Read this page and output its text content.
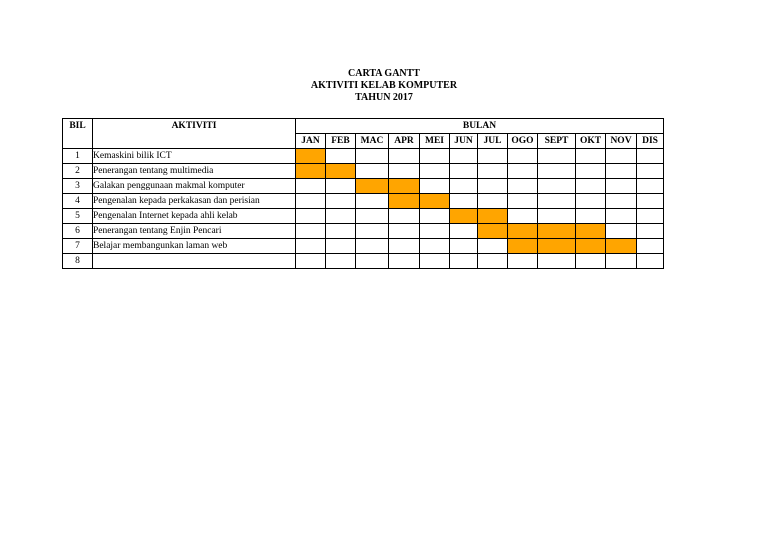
CARTA GANTT
AKTIVITI KELAB KOMPUTER
TAHUN 2017
BIL	AKTIVITI	BULAN											
		JAN	FEB	MAC	APR	MEI	JUN	JUL	OGO	SEPT	OKT	NOV	DIS
1	Kemaskini bilik ICT												
2	Penerangan tentang multimedia												
3	Galakan penggunaan makmal komputer												
4	Pengenalan kepada perkakasan dan perisian												
5	Pengenalan Internet kepada ahli kelab												
6	Penerangan tentang Enjin Pencari												
7	Belajar membangunkan laman web												
8													
